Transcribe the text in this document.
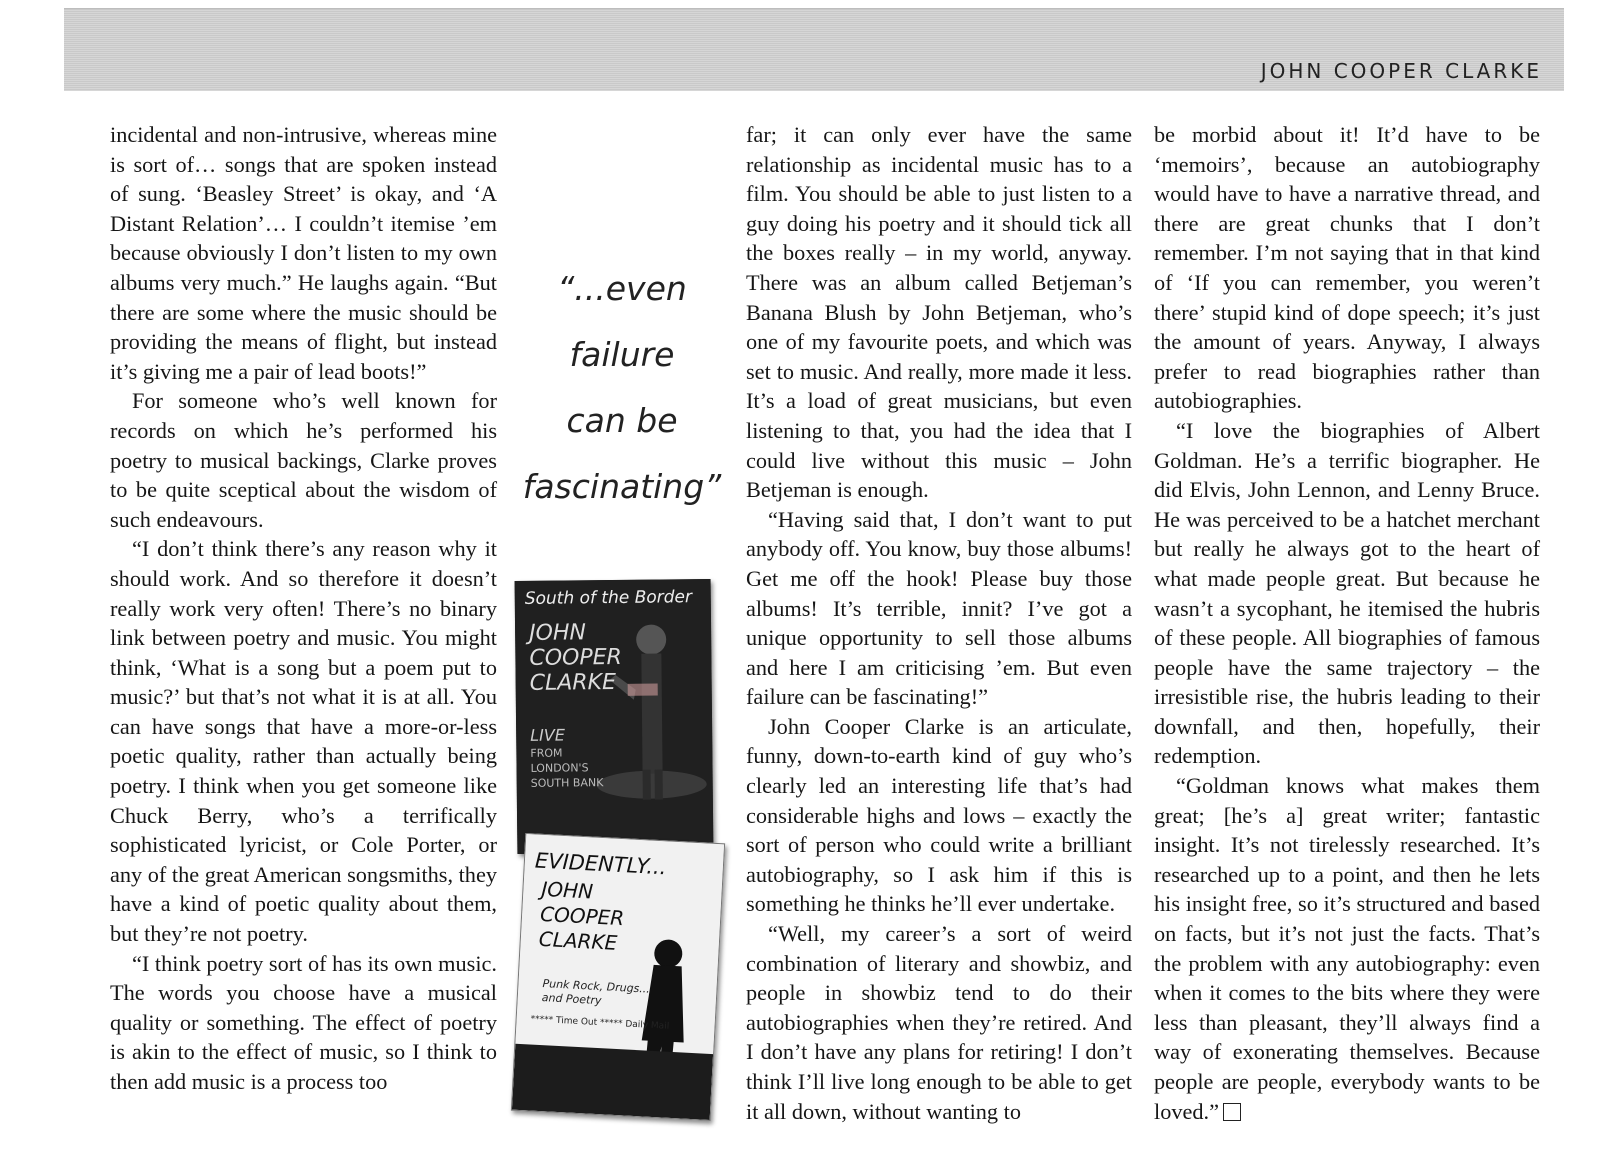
JOHN COOPER CLARKE

incidental and non-intrusive, whereas mine is sort of… songs that are spoken instead of sung. ‘Beasley Street’ is okay, and ‘A Distant Relation’… I couldn’t itemise ’em because obviously I don’t listen to my own albums very much.” He laughs again. “But there are some where the music should be providing the means of flight, but instead it’s giving me a pair of lead boots!”

For someone who’s well known for records on which he’s performed his poetry to musical backings, Clarke proves to be quite sceptical about the wisdom of such endeavours.

“I don’t think there’s any reason why it should work. And so therefore it doesn’t really work very often! There’s no binary link between poetry and music. You might think, ‘What is a song but a poem put to music?’ but that’s not what it is at all. You can have songs that have a more-or-less poetic quality, rather than actually being poetry. I think when you get someone like Chuck Berry, who’s a terrifically sophisticated lyricist, or Cole Porter, or any of the great American songsmiths, they have a kind of poetic quality about them, but they’re not poetry.

“I think poetry sort of has its own music. The words you choose have a musical quality or something. The effect of poetry is akin to the effect of music, so I think to then add music is a process too

“...even failure
can be
fascinating”
South of the Border
JOHN
COOPER
CLARKE
LIVE
FROM
LONDON'S
SOUTH BANK
EVIDENTLY...
JOHN
COOPER
CLARKE
Punk Rock, Drugs...
and Poetry
***** Time Out ***** Daily Mail

far; it can only ever have the same relationship as incidental music has to a film. You should be able to just listen to a guy doing his poetry and it should tick all the boxes really – in my world, anyway. There was an album called Betjeman’s Banana Blush by John Betjeman, who’s one of my favourite poets, and which was set to music. And really, more made it less. It’s a load of great musicians, but even listening to that, you had the idea that I could live without this music – John Betjeman is enough.

“Having said that, I don’t want to put anybody off. You know, buy those albums! Get me off the hook! Please buy those albums! It’s terrible, innit? I’ve got a unique opportunity to sell those albums and here I am criticising ’em. But even failure can be fascinating!”

John Cooper Clarke is an articulate, funny, down-to-earth kind of guy who’s clearly led an interesting life that’s had considerable highs and lows – exactly the sort of person who could write a brilliant autobiography, so I ask him if this is something he thinks he’ll ever undertake.

“Well, my career’s a sort of weird combination of literary and showbiz, and people in showbiz tend to do their autobiographies when they’re retired. And I don’t have any plans for retiring! I don’t think I’ll live long enough to be able to get it all down, without wanting to

be morbid about it! It’d have to be ‘memoirs’, because an autobiography would have to have a narrative thread, and there are great chunks that I don’t remember. I’m not saying that in that kind of ‘If you can remember, you weren’t there’ stupid kind of dope speech; it’s just the amount of years. Anyway, I always prefer to read biographies rather than autobiographies.

“I love the biographies of Albert Goldman. He’s a terrific biographer. He did Elvis, John Lennon, and Lenny Bruce. He was perceived to be a hatchet merchant but really he always got to the heart of what made people great. But because he wasn’t a sycophant, he itemised the hubris of these people. All biographies of famous people have the same trajectory – the irresistible rise, the hubris leading to their downfall, and then, hopefully, their redemption.

“Goldman knows what makes them great; [he’s a] great writer; fantastic insight. It’s not tirelessly researched. It’s researched up to a point, and then he lets his insight free, so it’s structured and based on facts, but it’s not just the facts. That’s the problem with any autobiography: even when it comes to the bits where they were less than pleasant, they’ll always find a way of exonerating themselves. Because people are people, everybody wants to be loved.”
